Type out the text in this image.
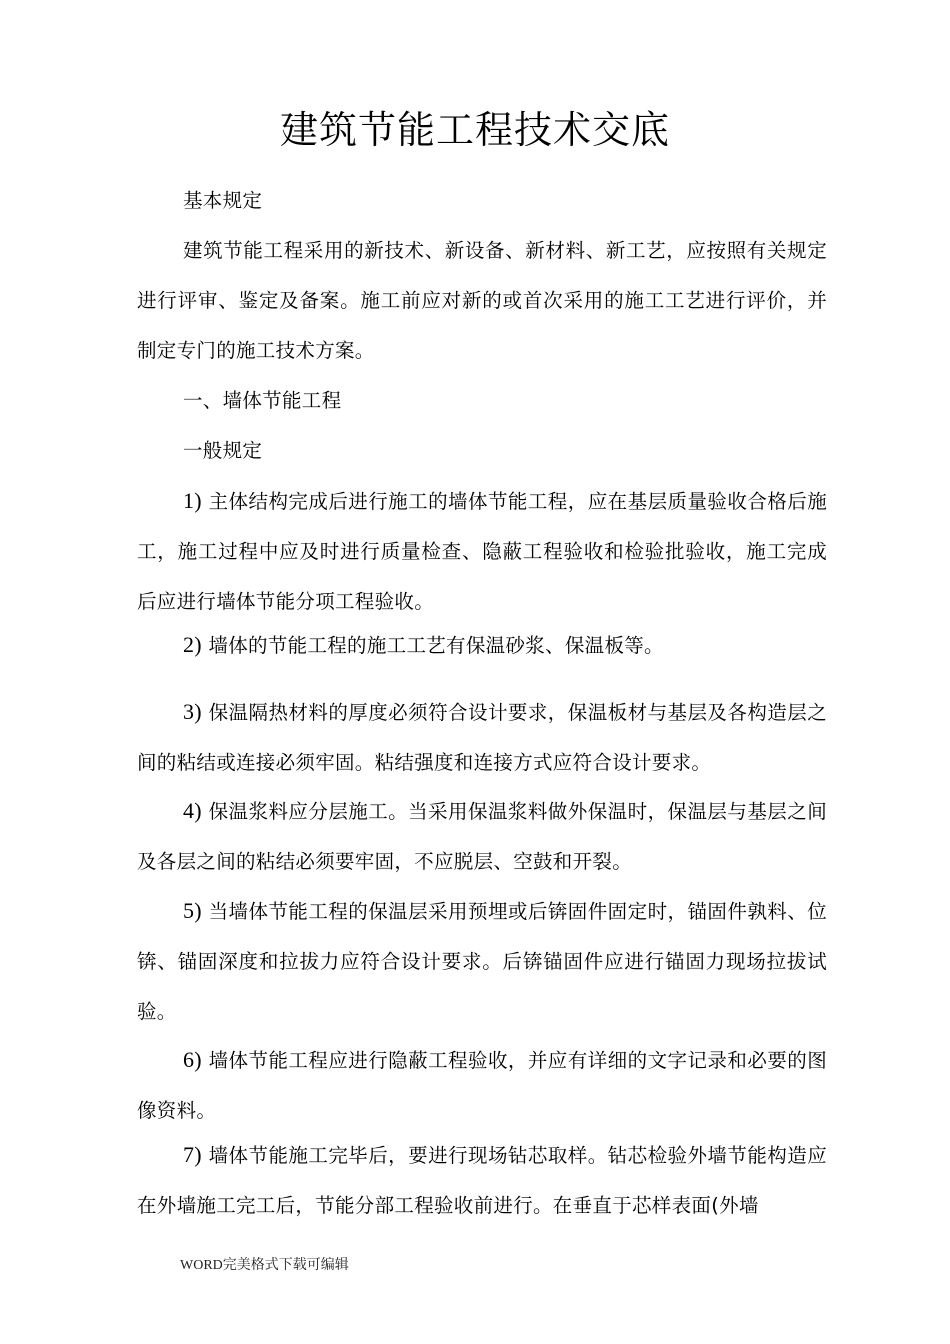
建筑节能工程技术交底

基本规定

建筑节能工程采用的新技术、新设备、新材料、新工艺，应按照有关规定进行评审、鉴定及备案。施工前应对新的或首次采用的施工工艺进行评价，并制定专门的施工技术方案。

一、墙体节能工程

一般规定

1) 主体结构完成后进行施工的墙体节能工程，应在基层质量验收合格后施工，施工过程中应及时进行质量检查、隐蔽工程验收和检验批验收，施工完成后应进行墙体节能分项工程验收。

2) 墙体的节能工程的施工工艺有保温砂浆、保温板等。

3) 保温隔热材料的厚度必须符合设计要求，保温板材与基层及各构造层之间的粘结或连接必须牢固。粘结强度和连接方式应符合设计要求。

4) 保温浆料应分层施工。当采用保温浆料做外保温时，保温层与基层之间及各层之间的粘结必须要牢固，不应脱层、空鼓和开裂。

5) 当墙体节能工程的保温层采用预埋或后锛固件固定时，锚固件孰料、位锛、锚固深度和拉拔力应符合设计要求。后锛锚固件应进行锚固力现场拉拔试验。

6) 墙体节能工程应进行隐蔽工程验收，并应有详细的文字记录和必要的图像资料。

7) 墙体节能施工完毕后，要进行现场钻芯取样。钻芯检验外墙节能构造应在外墙施工完工后，节能分部工程验收前进行。在垂直于芯样表面(外墙

WORD完美格式下载可编辑
